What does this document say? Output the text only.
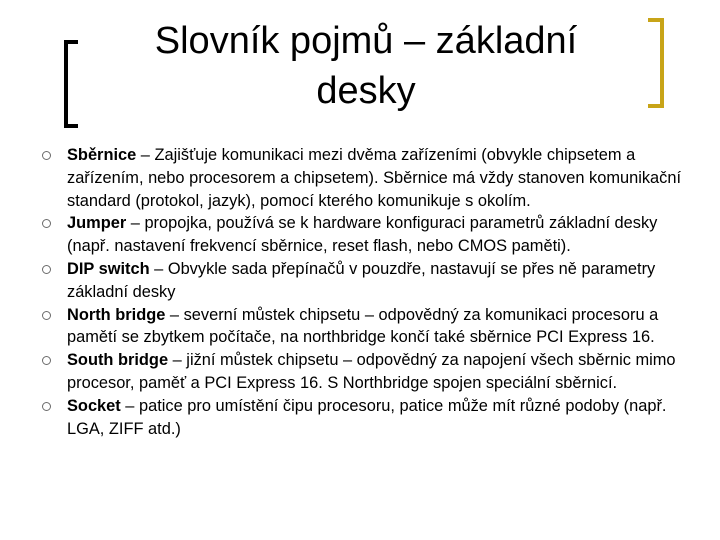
Slovník pojmů – základní
desky
Sběrnice – Zajišťuje komunikaci mezi dvěma zařízeními (obvykle chipsetem a zařízením, nebo procesorem a chipsetem). Sběrnice má vždy stanoven komunikační standard (protokol, jazyk), pomocí kterého komunikuje s okolím.
Jumper – propojka, používá se k hardware konfiguraci parametrů základní desky (např. nastavení frekvencí sběrnice, reset flash, nebo CMOS paměti).
DIP switch – Obvykle sada přepínačů v pouzdře, nastavují se přes ně parametry základní desky
North bridge – severní můstek chipsetu – odpovědný za komunikaci procesoru a pamětí se zbytkem počítače, na northbridge končí také sběrnice PCI Express 16.
South bridge – jižní můstek chipsetu – odpovědný za napojení všech sběrnic mimo procesor, paměť a PCI Express 16. S Northbridge spojen speciální sběrnicí.
Socket – patice pro umístění čipu procesoru, patice může mít různé podoby (např. LGA, ZIFF atd.)
